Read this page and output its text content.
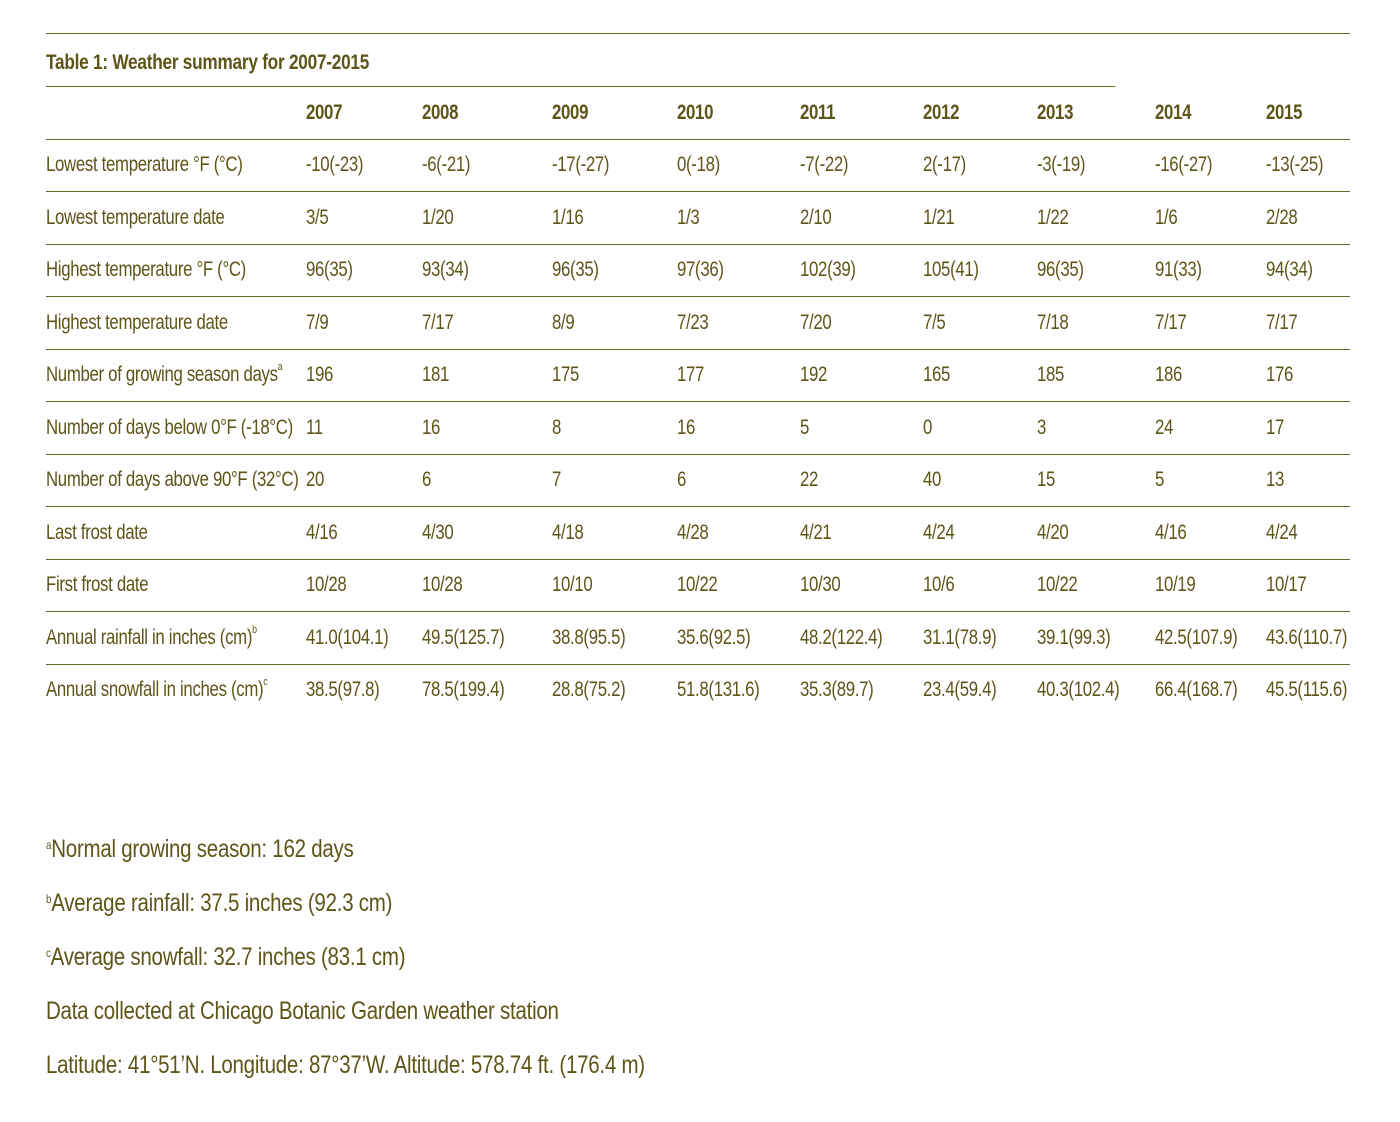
Table 1: Weather summary for 2007-2015
	2007	2008	2009	2010	2011	2012	2013	2014	2015
Lowest temperature °F (°C)	-10(-23)	-6(-21)	-17(-27)	0(-18)	-7(-22)	2(-17)	-3(-19)	-16(-27)	-13(-25)
Lowest temperature date	3/5	1/20	1/16	1/3	2/10	1/21	1/22	1/6	2/28
Highest temperature °F (°C)	96(35)	93(34)	96(35)	97(36)	102(39)	105(41)	96(35)	91(33)	94(34)
Highest temperature date	7/9	7/17	8/9	7/23	7/20	7/5	7/18	7/17	7/17
Number of growing season days$^a$	196	181	175	177	192	165	185	186	176
Number of days below 0°F (-18°C)	11	16	8	16	5	0	3	24	17
Number of days above 90°F (32°C)	20	6	7	6	22	40	15	5	13
Last frost date	4/16	4/30	4/18	4/28	4/21	4/24	4/20	4/16	4/24
First frost date	10/28	10/28	10/10	10/22	10/30	10/6	10/22	10/19	10/17
Annual rainfall in inches (cm)$^b$	41.0(104.1)	49.5(125.7)	38.8(95.5)	35.6(92.5)	48.2(122.4)	31.1(78.9)	39.1(99.3)	42.5(107.9)	43.6(110.7)
Annual snowfall in inches (cm)$^c$	38.5(97.8)	78.5(199.4)	28.8(75.2)	51.8(131.6)	35.3(89.7)	23.4(59.4)	40.3(102.4)	66.4(168.7)	45.5(115.6)
$^a$Normal growing season: 162 days
$^b$Average rainfall: 37.5 inches (92.3 cm)
$^c$Average snowfall: 32.7 inches (83.1 cm)
Data collected at Chicago Botanic Garden weather station
Latitude: 41°51’N. Longitude: 87°37’W. Altitude: 578.74 ft. (176.4 m)
